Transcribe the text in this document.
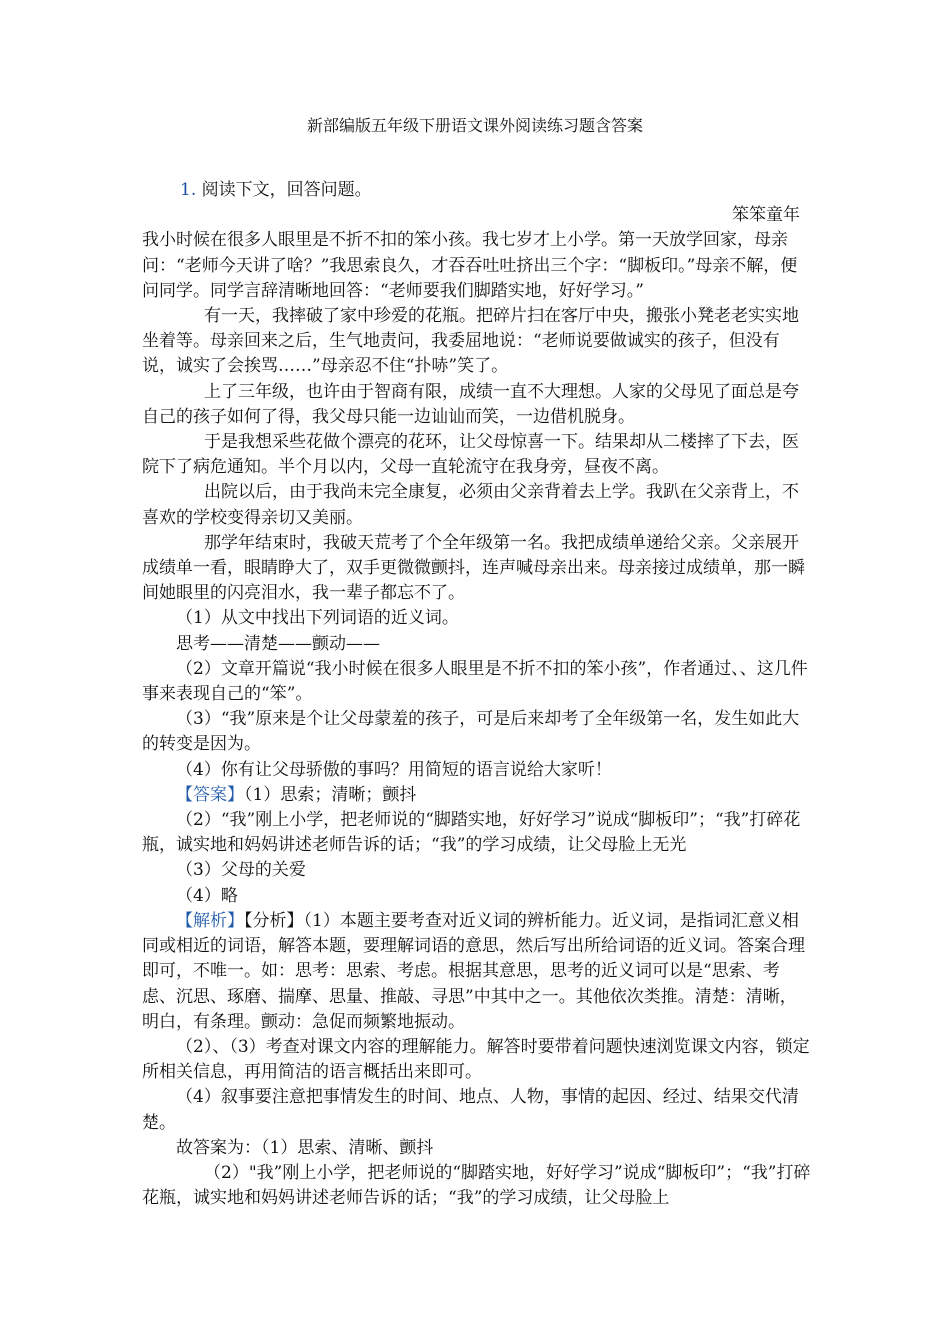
新部编版五年级下册语文课外阅读练习题含答案

1. 阅读下文，回答问题。

笨笨童年

我小时候在很多人眼里是不折不扣的笨小孩。我七岁才上小学。第一天放学回家，母亲问：“老师今天讲了啥？”我思索良久，才吞吞吐吐挤出三个字：“脚板印。”母亲不解，便问同学。同学言辞清晰地回答：“老师要我们脚踏实地，好好学习。”

有一天，我摔破了家中珍爱的花瓶。把碎片扫在客厅中央，搬张小凳老老实实地坐着等。母亲回来之后，生气地责问，我委屈地说：“老师说要做诚实的孩子，但没有说，诚实了会挨骂……”母亲忍不住“扑哧”笑了。

上了三年级，也许由于智商有限，成绩一直不大理想。人家的父母见了面总是夸自己的孩子如何了得，我父母只能一边讪讪而笑，一边借机脱身。

于是我想采些花做个漂亮的花环，让父母惊喜一下。结果却从二楼摔了下去，医院下了病危通知。半个月以内，父母一直轮流守在我身旁，昼夜不离。

出院以后，由于我尚未完全康复，必须由父亲背着去上学。我趴在父亲背上，不喜欢的学校变得亲切又美丽。

那学年结束时，我破天荒考了个全年级第一名。我把成绩单递给父亲。父亲展开成绩单一看，眼睛睁大了，双手更微微颤抖，连声喊母亲出来。母亲接过成绩单，那一瞬间她眼里的闪亮泪水，我一辈子都忘不了。

（1）从文中找出下列词语的近义词。

思考——清楚——颤动——

（2）文章开篇说“我小时候在很多人眼里是不折不扣的笨小孩”，作者通过、、这几件事来表现自己的“笨”。

（3）“我”原来是个让父母蒙羞的孩子，可是后来却考了全年级第一名，发生如此大的转变是因为。

（4）你有让父母骄傲的事吗？用简短的语言说给大家听！

【答案】（1）思索；清晰；颤抖

（2）“我”刚上小学，把老师说的“脚踏实地，好好学习”说成“脚板印”；“我”打碎花瓶，诚实地和妈妈讲述老师告诉的话；“我”的学习成绩，让父母脸上无光

（3）父母的关爱

（4）略

【解析】【分析】（1）本题主要考查对近义词的辨析能力。近义词，是指词汇意义相同或相近的词语，解答本题，要理解词语的意思，然后写出所给词语的近义词。答案合理即可，不唯一。如：思考：思索、考虑。根据其意思，思考的近义词可以是“思索、考虑、沉思、琢磨、揣摩、思量、推敲、寻思”中其中之一。其他依次类推。清楚：清晰，明白，有条理。颤动：急促而频繁地振动。

（2）、（3）考查对课文内容的理解能力。解答时要带着问题快速浏览课文内容，锁定所相关信息，再用简洁的语言概括出来即可。

（4）叙事要注意把事情发生的时间、地点、人物，事情的起因、经过、结果交代清楚。

故答案为：（1）思索、清晰、颤抖

（2）"我”刚上小学，把老师说的“脚踏实地，好好学习”说成“脚板印”；“我”打碎花瓶，诚实地和妈妈讲述老师告诉的话；“我”的学习成绩，让父母脸上
